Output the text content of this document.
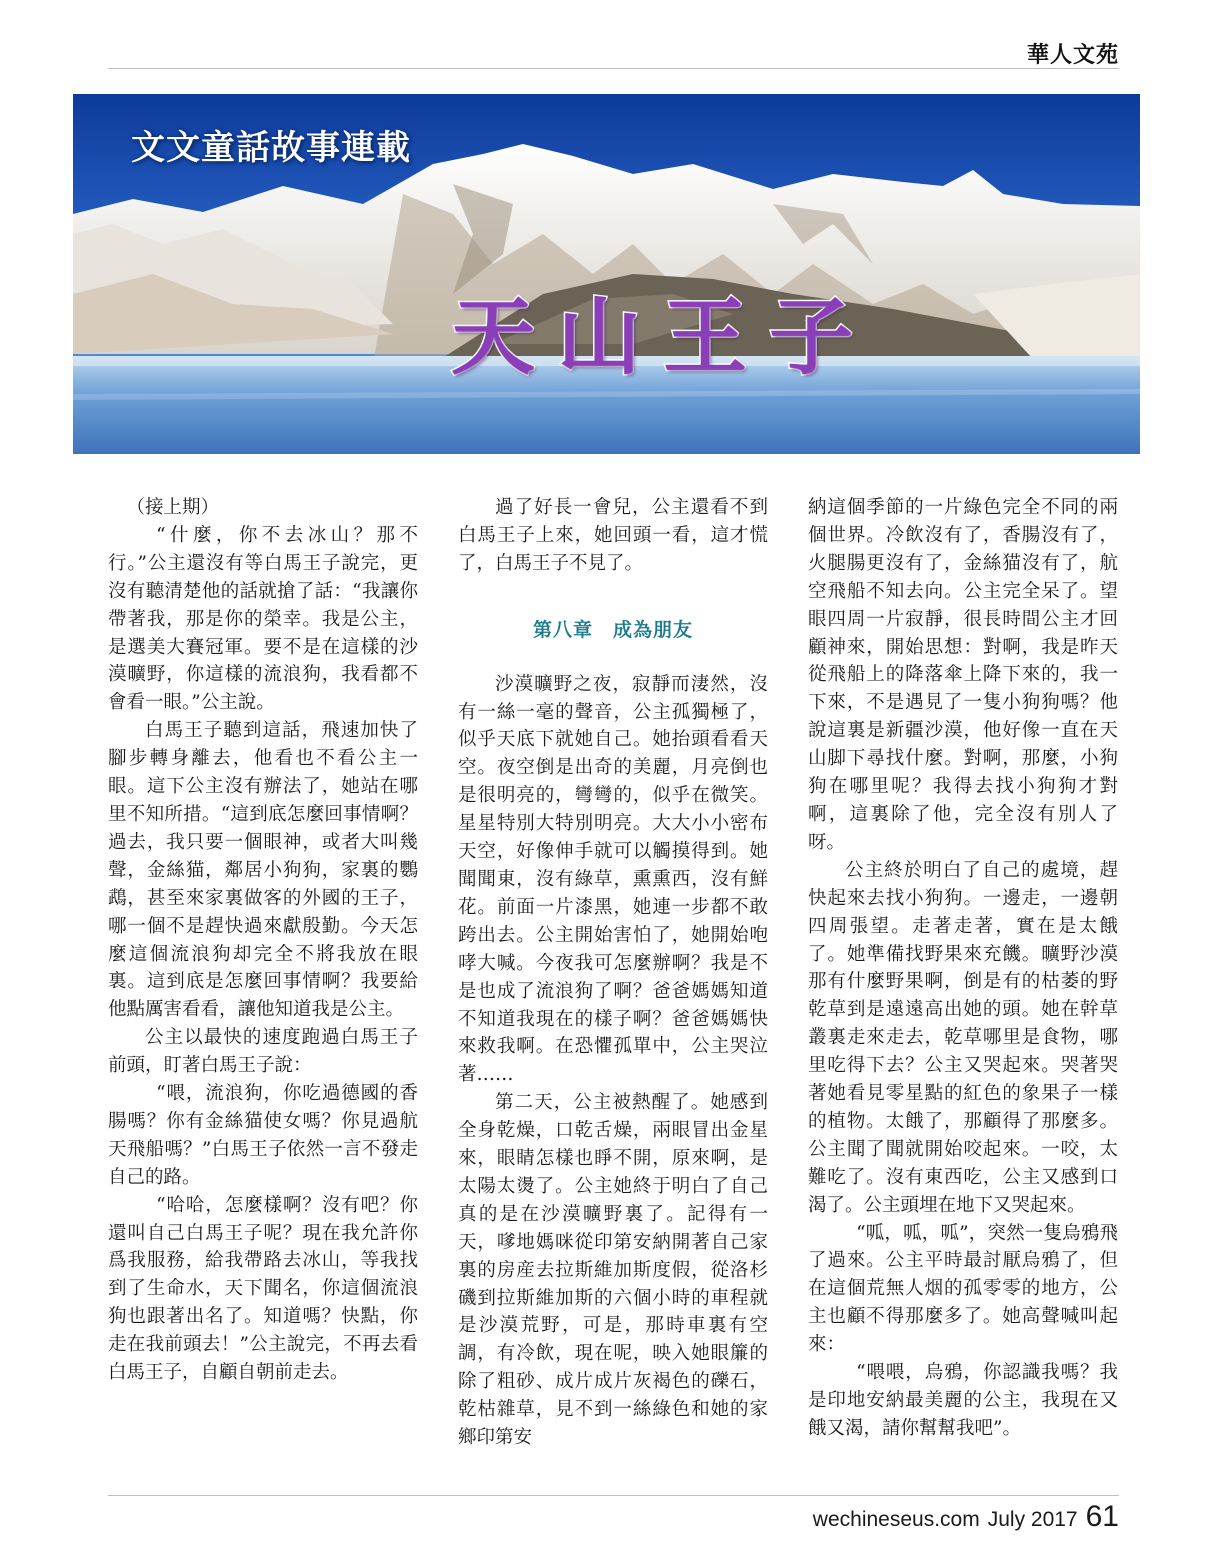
華人文苑
文文童話故事連載
天山王子

（接上期）

“什麼，你不去冰山？那不行。”公主還沒有等白馬王子說完，更沒有聽清楚他的話就搶了話：“我讓你帶著我，那是你的榮幸。我是公主，是選美大賽冠軍。要不是在這樣的沙漠曠野，你這樣的流浪狗，我看都不會看一眼。”公主說。

白馬王子聽到這話，飛速加快了腳步轉身離去，他看也不看公主一眼。這下公主沒有辦法了，她站在哪里不知所措。“這到底怎麼回事情啊？過去，我只要一個眼神，或者大叫幾聲，金絲猫，鄰居小狗狗，家裏的鸚鵡，甚至來家裏做客的外國的王子，哪一個不是趕快過來獻殷勤。今天怎麼這個流浪狗却完全不將我放在眼裏。這到底是怎麼回事情啊？我要給他點厲害看看，讓他知道我是公主。

公主以最快的速度跑過白馬王子前頭，盯著白馬王子說：

“喂，流浪狗，你吃過德國的香腸嗎？你有金絲猫使女嗎？你見過航天飛船嗎？”白馬王子依然一言不發走自己的路。

“哈哈，怎麼樣啊？沒有吧？你還叫自己白馬王子呢？現在我允許你爲我服務，給我帶路去冰山，等我找到了生命水，天下聞名，你這個流浪狗也跟著出名了。知道嗎？快點，你走在我前頭去！”公主說完，不再去看白馬王子，自顧自朝前走去。

過了好長一會兒，公主還看不到白馬王子上來，她回頭一看，這才慌了，白馬王子不見了。

第八章　成為朋友

沙漠曠野之夜，寂靜而淒然，沒有一絲一毫的聲音，公主孤獨極了，似乎天底下就她自己。她抬頭看看天空。夜空倒是出奇的美麗，月亮倒也是很明亮的，彎彎的，似乎在微笑。星星特別大特別明亮。大大小小密布天空，好像伸手就可以觸摸得到。她聞聞東，沒有綠草，熏熏西，沒有鮮花。前面一片漆黑，她連一步都不敢跨出去。公主開始害怕了，她開始咆哮大喊。今夜我可怎麼辦啊？我是不是也成了流浪狗了啊？爸爸媽媽知道不知道我現在的樣子啊？爸爸媽媽快來救我啊。在恐懼孤單中，公主哭泣著……

第二天，公主被熱醒了。她感到全身乾燥，口乾舌燥，兩眼冒出金星來，眼睛怎樣也睜不開，原來啊，是太陽太燙了。公主她終于明白了自己真的是在沙漠曠野裏了。記得有一天，嗲地媽咪從印第安納開著自己家裏的房産去拉斯維加斯度假，從洛杉磯到拉斯維加斯的六個小時的車程就是沙漠荒野，可是，那時車裏有空調，有冷飲，現在呢，映入她眼簾的除了粗砂、成片成片灰褐色的礫石，乾枯雜草，見不到一絲綠色和她的家鄉印第安

納這個季節的一片綠色完全不同的兩個世界。冷飲沒有了，香腸沒有了，火腿腸更沒有了，金絲猫沒有了，航空飛船不知去向。公主完全呆了。望眼四周一片寂靜，很長時間公主才回顧神來，開始思想：對啊，我是昨天從飛船上的降落傘上降下來的，我一下來，不是遇見了一隻小狗狗嗎？他說這裏是新疆沙漠，他好像一直在天山脚下尋找什麼。對啊，那麼，小狗狗在哪里呢？我得去找小狗狗才對啊，這裏除了他，完全沒有別人了呀。

公主終於明白了自己的處境，趕快起來去找小狗狗。一邊走，一邊朝四周張望。走著走著，實在是太餓了。她準備找野果來充饑。曠野沙漠那有什麼野果啊，倒是有的枯萎的野乾草到是遠遠高出她的頭。她在幹草叢裏走來走去，乾草哪里是食物，哪里吃得下去？公主又哭起來。哭著哭著她看見零星點的紅色的象果子一樣的植物。太餓了，那顧得了那麼多。公主聞了聞就開始咬起來。一咬，太難吃了。沒有東西吃，公主又感到口渴了。公主頭埋在地下又哭起來。

“呱，呱，呱”，突然一隻烏鴉飛了過來。公主平時最討厭烏鴉了，但在這個荒無人烟的孤零零的地方，公主也顧不得那麼多了。她高聲喊叫起來：

“喂喂，烏鴉，你認識我嗎？我是印地安納最美麗的公主，我現在又餓又渴，請你幫幫我吧”。

wechineseus.com July 2017 61
